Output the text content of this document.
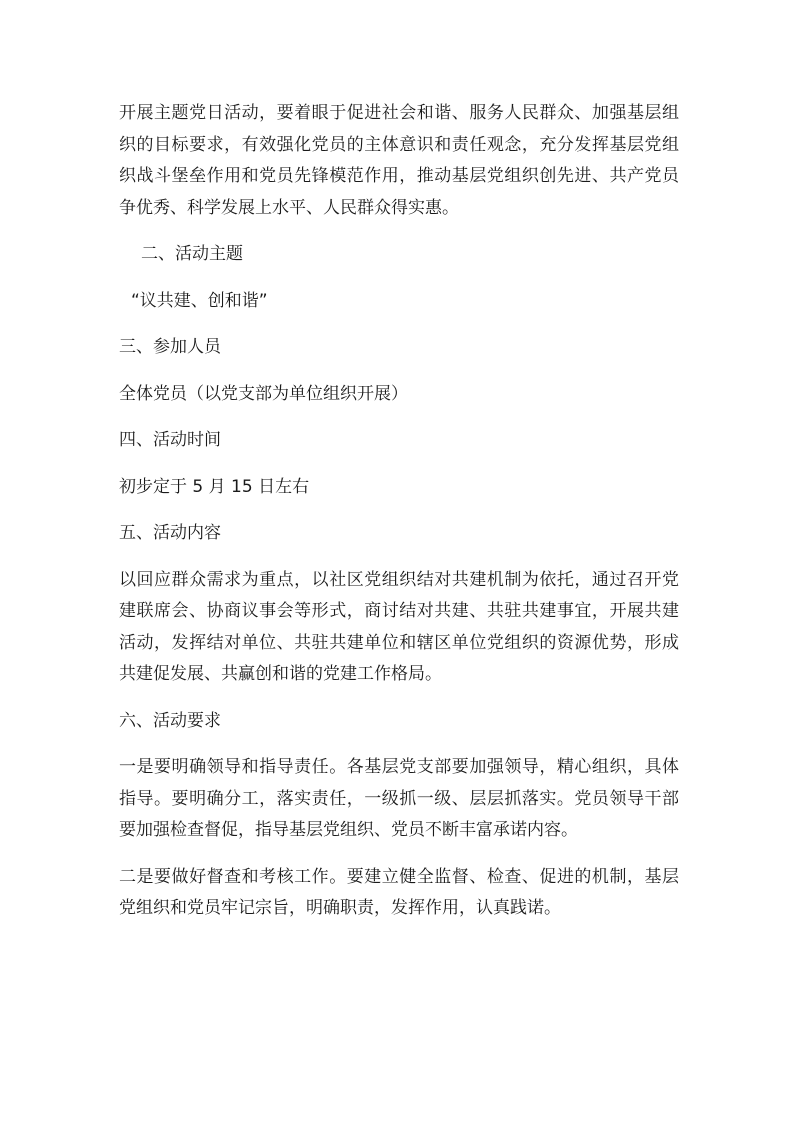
开展主题党日活动，要着眼于促进社会和谐、服务人民群众、加强基层组织的目标要求，有效强化党员的主体意识和责任观念，充分发挥基层党组织战斗堡垒作用和党员先锋模范作用，推动基层党组织创先进、共产党员争优秀、科学发展上水平、人民群众得实惠。

二、活动主题

“议共建、创和谐”

三、参加人员

全体党员（以党支部为单位组织开展）

四、活动时间

初步定于 5 月 15 日左右

五、活动内容

以回应群众需求为重点，以社区党组织结对共建机制为依托，通过召开党建联席会、协商议事会等形式，商讨结对共建、共驻共建事宜，开展共建活动，发挥结对单位、共驻共建单位和辖区单位党组织的资源优势，形成共建促发展、共赢创和谐的党建工作格局。

六、活动要求

一是要明确领导和指导责任。各基层党支部要加强领导，精心组织，具体指导。要明确分工，落实责任，一级抓一级、层层抓落实。党员领导干部要加强检查督促，指导基层党组织、党员不断丰富承诺内容。

二是要做好督查和考核工作。要建立健全监督、检查、促进的机制，基层党组织和党员牢记宗旨，明确职责，发挥作用，认真践诺。
